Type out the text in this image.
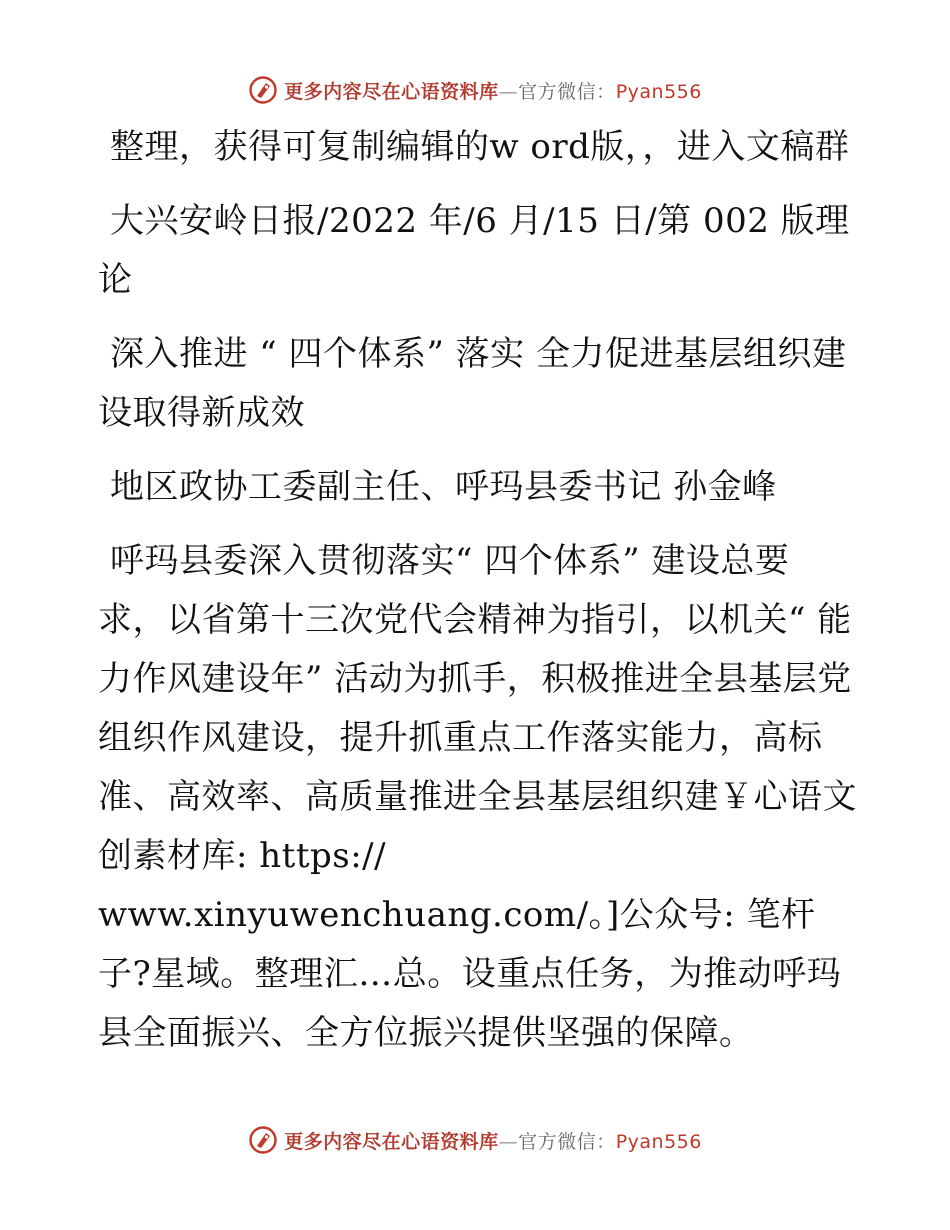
更多内容尽在心语资料库—官方微信：Pyan556

整理，获得可复制编辑的w ord版，，进入文稿群

大兴安岭日报/2022 年/6 月/15 日/第 002 版理论

深入推进 “ 四个体系” 落实 全力促进基层组织建设取得新成效

地区政协工委副主任、呼玛县委书记 孙金峰

呼玛县委深入贯彻落实“ 四个体系” 建设总要求，以省第十三次党代会精神为指引，以机关“ 能力作风建设年” 活动为抓手，积极推进全县基层党组织作风建设，提升抓重点工作落实能力，高标准、高效率、高质量推进全县基层组织建￥心语文创素材库: https://

www.xinyuwenchuang.com/。]公众号: 笔杆子?星域。整理汇…总。设重点任务，为推动呼玛县全面振兴、全方位振兴提供坚强的保障。

更多内容尽在心语资料库—官方微信：Pyan556
